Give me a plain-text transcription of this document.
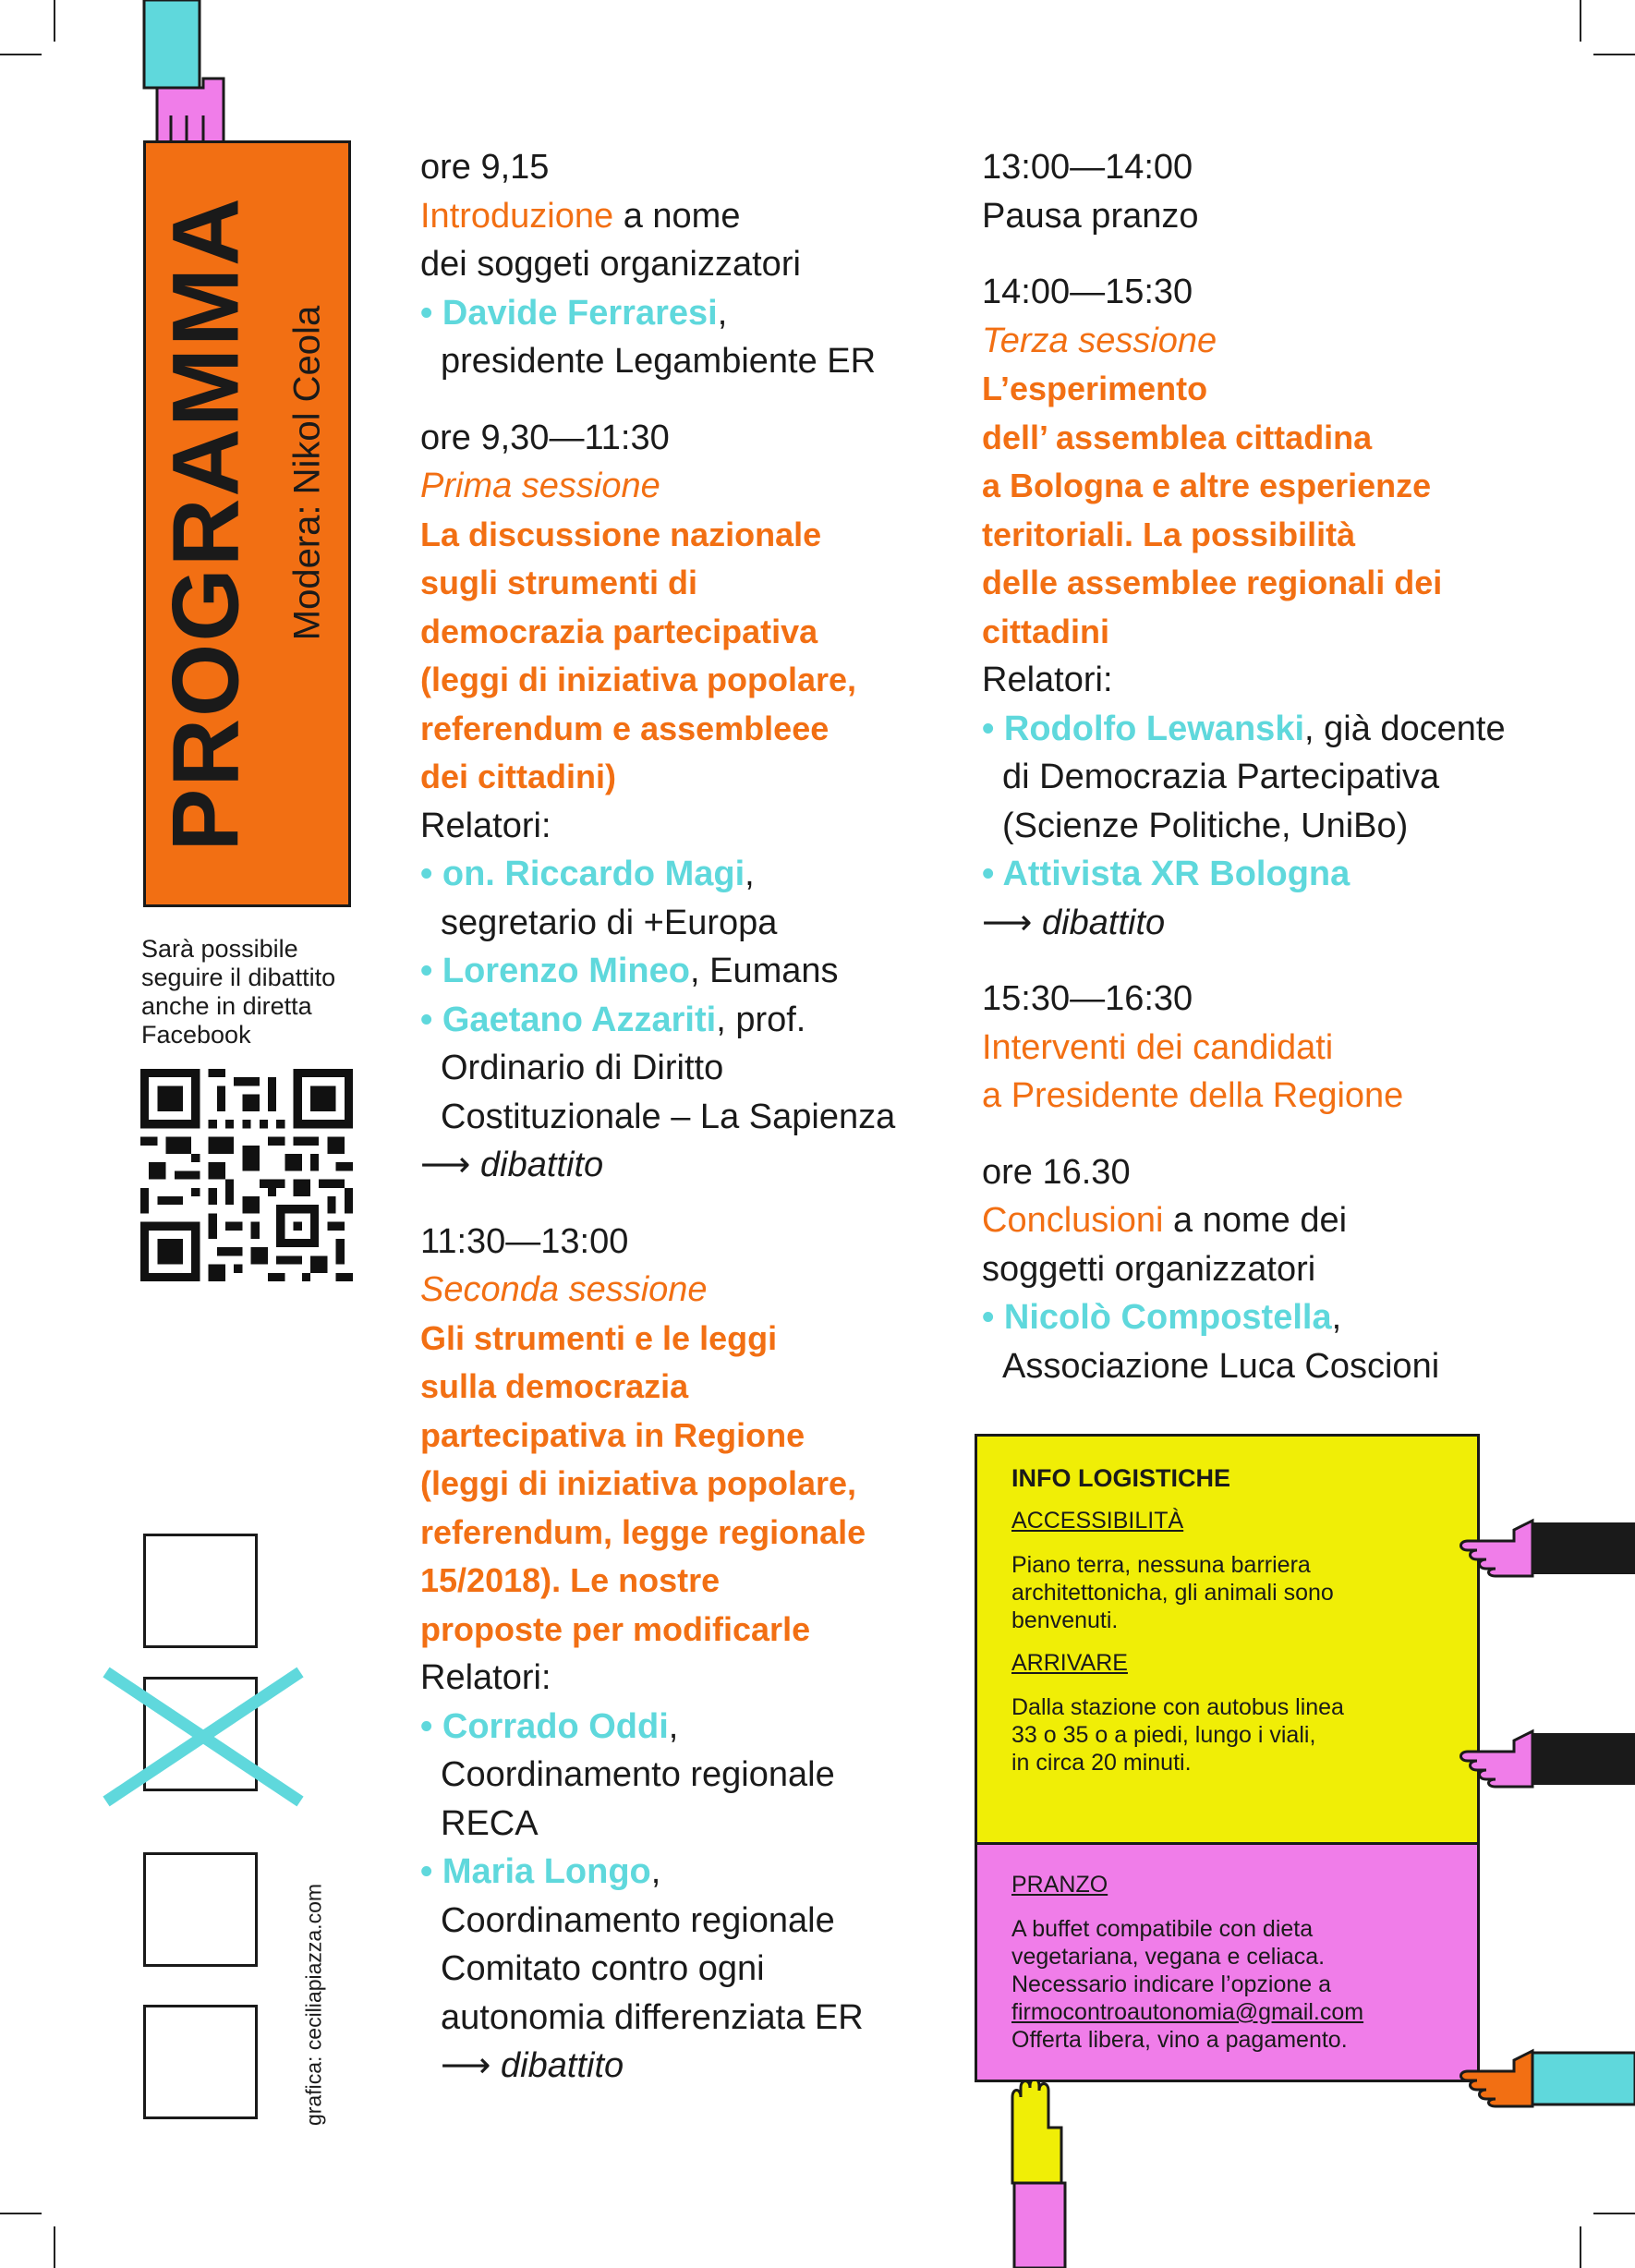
PROGRAMMA Modera: Nikol Ceola
Sarà possibile
seguire il dibattito
anche in diretta
Facebook
grafica: ceciliapiazza.com
ore 9,15
Introduzione a nome
dei soggeti organizzatori
• Davide Ferraresi,
presidente Legambiente ER
ore 9,30—11:30
Prima sessione
La discussione nazionale
sugli strumenti di
democrazia partecipativa
(leggi di iniziativa popolare,
referendum e assembleee
dei cittadini)
Relatori:
• on. Riccardo Magi,
segretario di +Europa
• Lorenzo Mineo, Eumans
• Gaetano Azzariti, prof.
Ordinario di Diritto
Costituzionale – La Sapienza
⟶ dibattito
11:30—13:00
Seconda sessione
Gli strumenti e le leggi
sulla democrazia
partecipativa in Regione
(leggi di iniziativa popolare,
referendum, legge regionale
15/2018). Le nostre
proposte per modificarle
Relatori:
• Corrado Oddi,
Coordinamento regionale
RECA
• Maria Longo,
Coordinamento regionale
Comitato contro ogni
autonomia differenziata ER
⟶ dibattito
13:00—14:00
Pausa pranzo
14:00—15:30
Terza sessione
L’esperimento
dell’ assemblea cittadina
a Bologna e altre esperienze
teritoriali. La possibilità
delle assemblee regionali dei
cittadini
Relatori:
• Rodolfo Lewanski, già docente
di Democrazia Partecipativa
(Scienze Politiche, UniBo)
• Attivista XR Bologna
⟶ dibattito
15:30—16:30
Interventi dei candidati
a Presidente della Regione
ore 16.30
Conclusioni a nome dei
soggetti organizzatori
• Nicolò Compostella,
Associazione Luca Coscioni
INFO LOGISTICHE
ACCESSIBILITÀ
Piano terra, nessuna barriera
architettonicha, gli animali sono
benvenuti.
ARRIVARE
Dalla stazione con autobus linea
33 o 35 o a piedi, lungo i viali,
in circa 20 minuti.
PRANZO
A buffet compatibile con dieta
vegetariana, vegana e celiaca.
Necessario indicare l’opzione a
firmocontroautonomia@gmail.com
Offerta libera, vino a pagamento.
